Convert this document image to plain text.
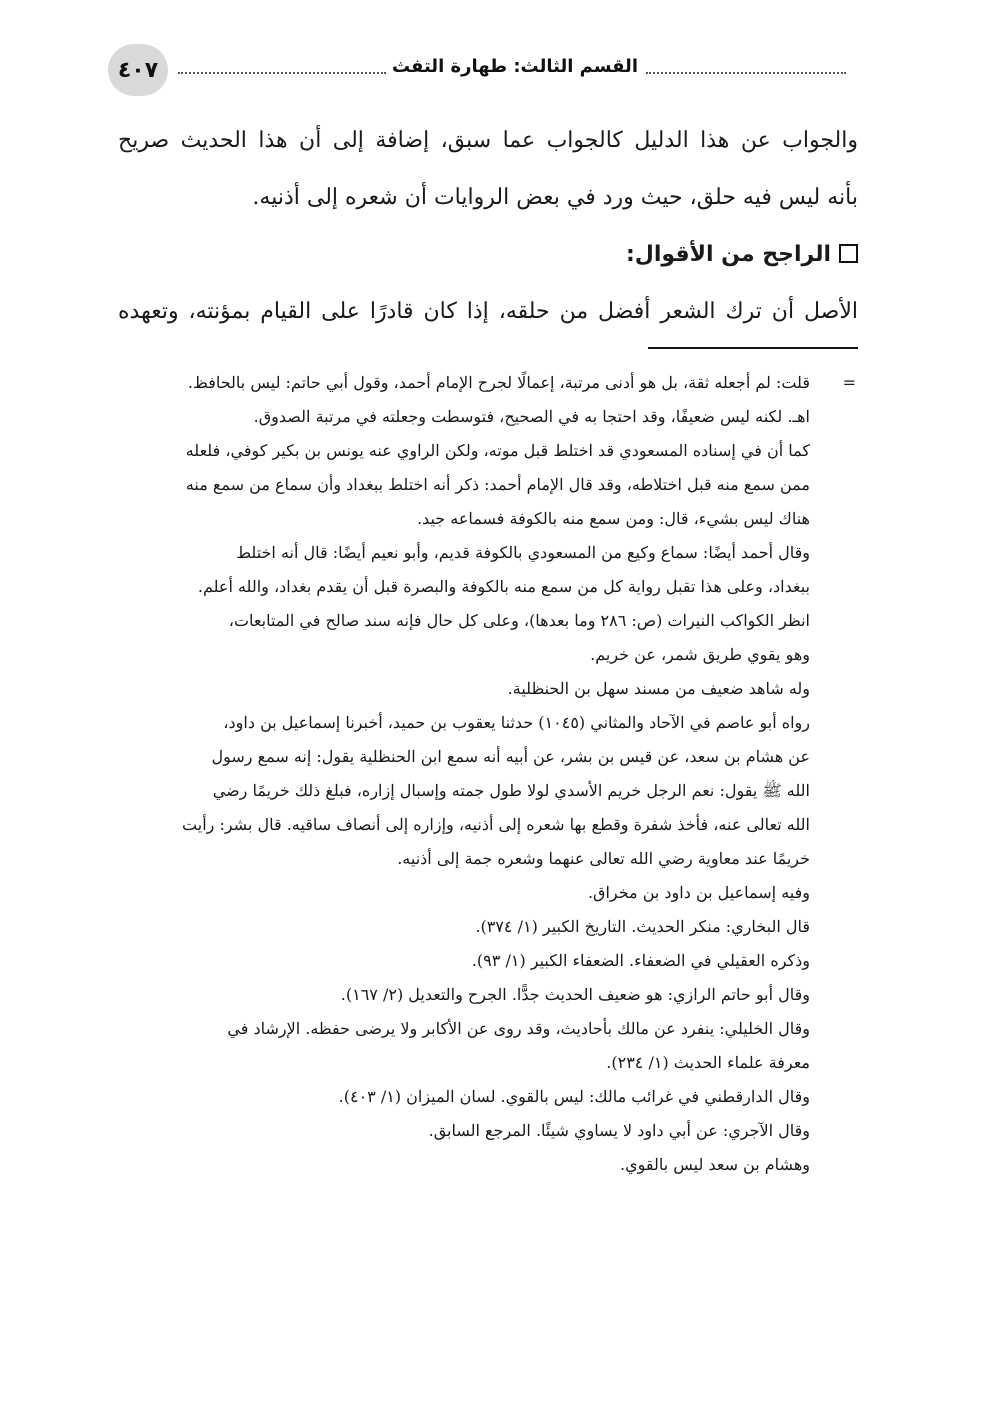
٤٠٧	القسم الثالث: طهارة التفث

والجواب عن هذا الدليل كالجواب عما سبق، إضافة إلى أن هذا الحديث صريح

بأنه ليس فيه حلق، حيث ورد في بعض الروايات أن شعره إلى أذنيه.

الراجح من الأقوال:

الأصل أن ترك الشعر أفضل من حلقه، إذا كان قادرًا على القيام بمؤنته، وتعهده

=

قلت: لم أجعله ثقة، بل هو أدنى مرتبة، إعمالًا لجرح الإمام أحمد، وقول أبي حاتم: ليس بالحافظ.

اهـ. لكنه ليس ضعيفًا، وقد احتجا به في الصحيح، فتوسطت وجعلته في مرتبة الصدوق.

كما أن في إسناده المسعودي قد اختلط قبل موته، ولكن الراوي عنه يونس بن بكير كوفي، فلعله

ممن سمع منه قبل اختلاطه، وقد قال الإمام أحمد: ذكر أنه اختلط ببغداد وأن سماع من سمع منه

هناك ليس بشيء، قال: ومن سمع منه بالكوفة فسماعه جيد.

وقال أحمد أيضًا: سماع وكيع من المسعودي بالكوفة قديم، وأبو نعيم أيضًا: قال أنه اختلط

ببغداد، وعلى هذا تقبل رواية كل من سمع منه بالكوفة والبصرة قبل أن يقدم بغداد، والله أعلم.

انظر الكواكب النيرات (ص: ٢٨٦ وما بعدها)، وعلى كل حال فإنه سند صالح في المتابعات،

وهو يقوي طريق شمر، عن خريم.

وله شاهد ضعيف من مسند سهل بن الحنظلية.

رواه أبو عاصم في الآحاد والمثاني (١٠٤٥) حدثنا يعقوب بن حميد، أخبرنا إسماعيل بن داود،

عن هشام بن سعد، عن قيس بن بشر، عن أبيه أنه سمع ابن الحنظلية يقول: إنه سمع رسول

الله ﷺ يقول: نعم الرجل خريم الأسدي لولا طول جمته وإسبال إزاره، فبلغ ذلك خريمًا رضي

الله تعالى عنه، فأخذ شفرة وقطع بها شعره إلى أذنيه، وإزاره إلى أنصاف ساقيه. قال بشر: رأيت

خريمًا عند معاوية رضي الله تعالى عنهما وشعره جمة إلى أذنيه.

وفيه إسماعيل بن داود بن مخراق.

قال البخاري: منكر الحديث. التاريخ الكبير (١/ ٣٧٤).

وذكره العقيلي في الضعفاء. الضعفاء الكبير (١/ ٩٣).

وقال أبو حاتم الرازي: هو ضعيف الحديث جدًّا. الجرح والتعديل (٢/ ١٦٧).

وقال الخليلي: ينفرد عن مالك بأحاديث، وقد روى عن الأكابر ولا يرضى حفظه. الإرشاد في

معرفة علماء الحديث (١/ ٢٣٤).

وقال الدارقطني في غرائب مالك: ليس بالقوي. لسان الميزان (١/ ٤٠٣).

وقال الآجري: عن أبي داود لا يساوي شيئًا. المرجع السابق.

وهشام بن سعد ليس بالقوي.
